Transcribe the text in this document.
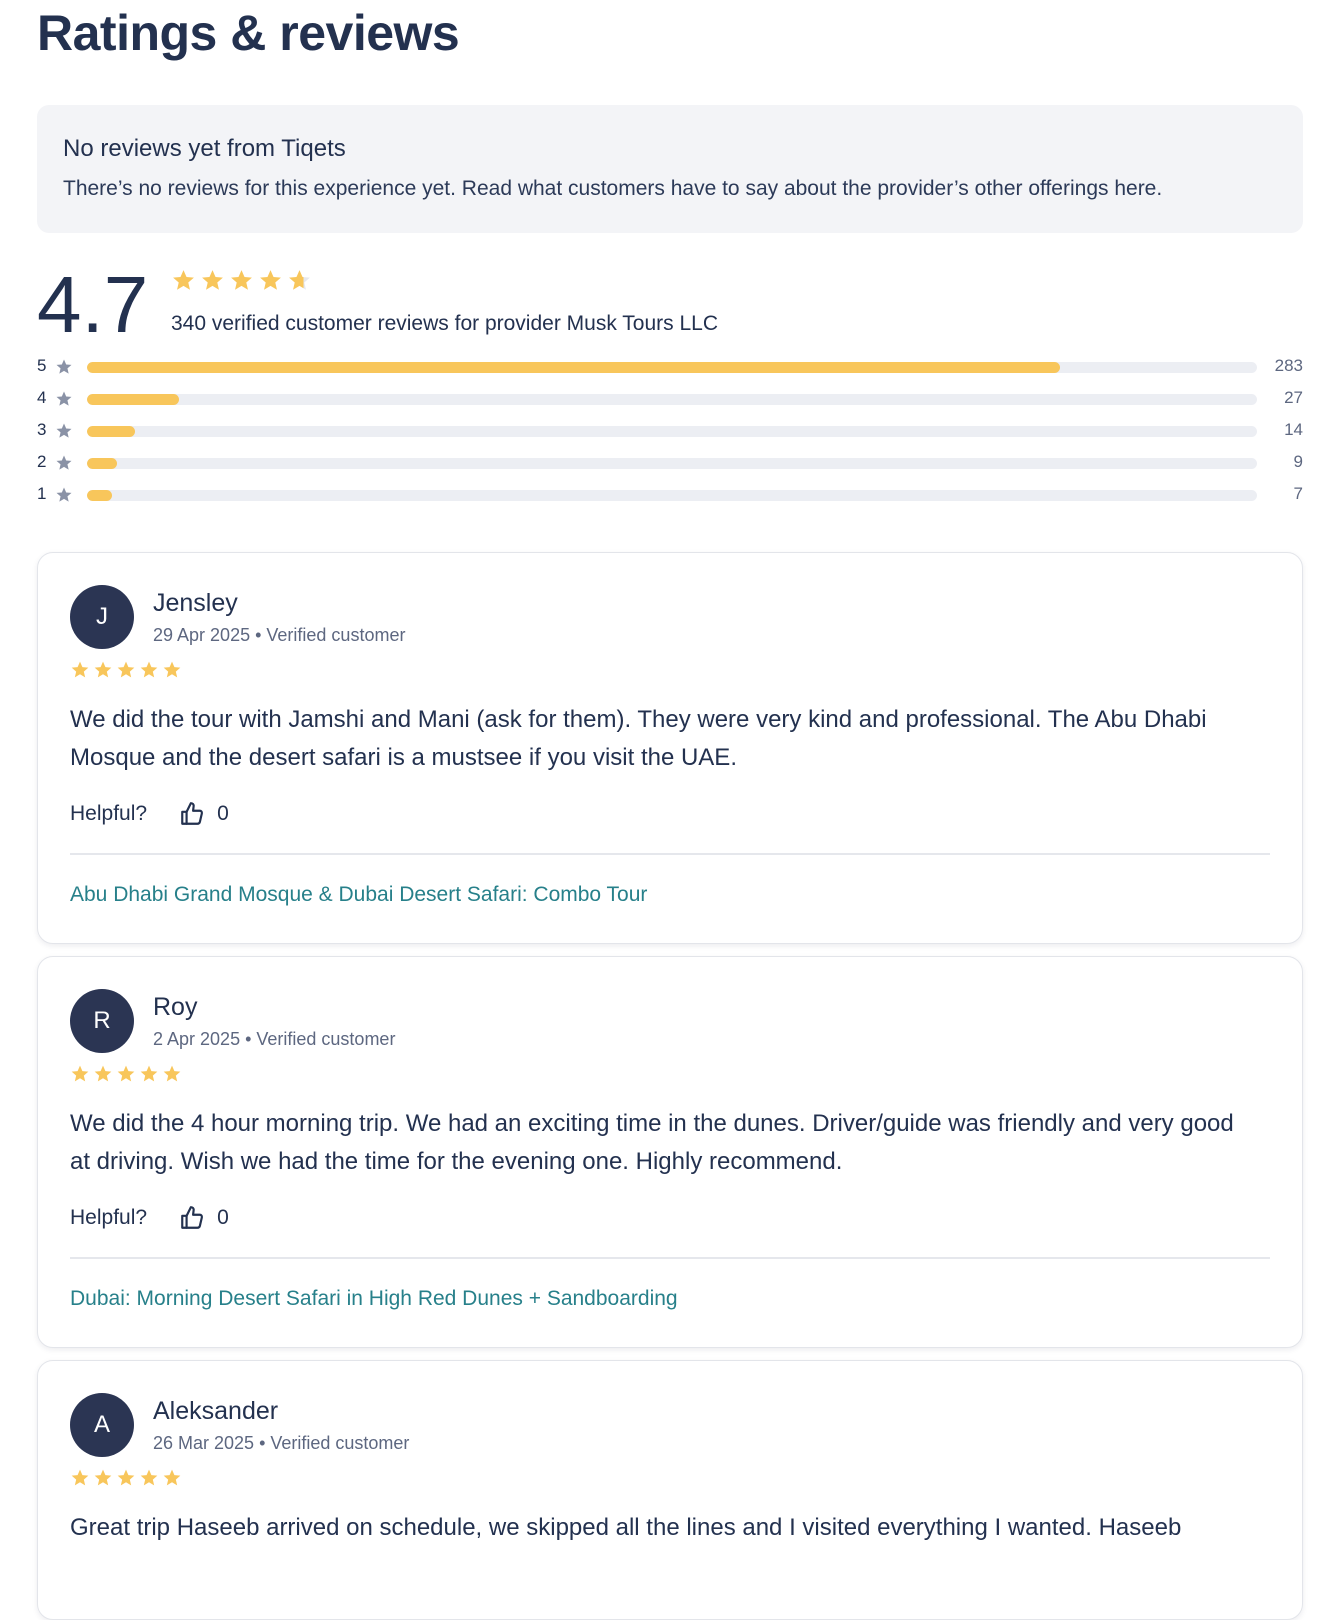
Ratings & reviews
No reviews yet from Tiqets
There’s no reviews for this experience yet. Read what customers have to say about the provider’s other offerings here.
4.7 340 verified customer reviews for provider Musk Tours LLC
5	283
4	27
3	14
2	9
1	7
J Jensley
29 Apr 2025 • Verified customer
We did the tour with Jamshi and Mani (ask for them). They were very kind and professional. The Abu Dhabi Mosque and the desert safari is a mustsee if you visit the UAE.
Helpful?	0
Abu Dhabi Grand Mosque & Dubai Desert Safari: Combo Tour
R Roy
2 Apr 2025 • Verified customer
We did the 4 hour morning trip. We had an exciting time in the dunes. Driver/guide was friendly and very good at driving. Wish we had the time for the evening one. Highly recommend.
Helpful?	0
Dubai: Morning Desert Safari in High Red Dunes + Sandboarding
A Aleksander
26 Mar 2025 • Verified customer
Great trip Haseeb arrived on schedule, we skipped all the lines and I visited everything I wanted. Haseeb
